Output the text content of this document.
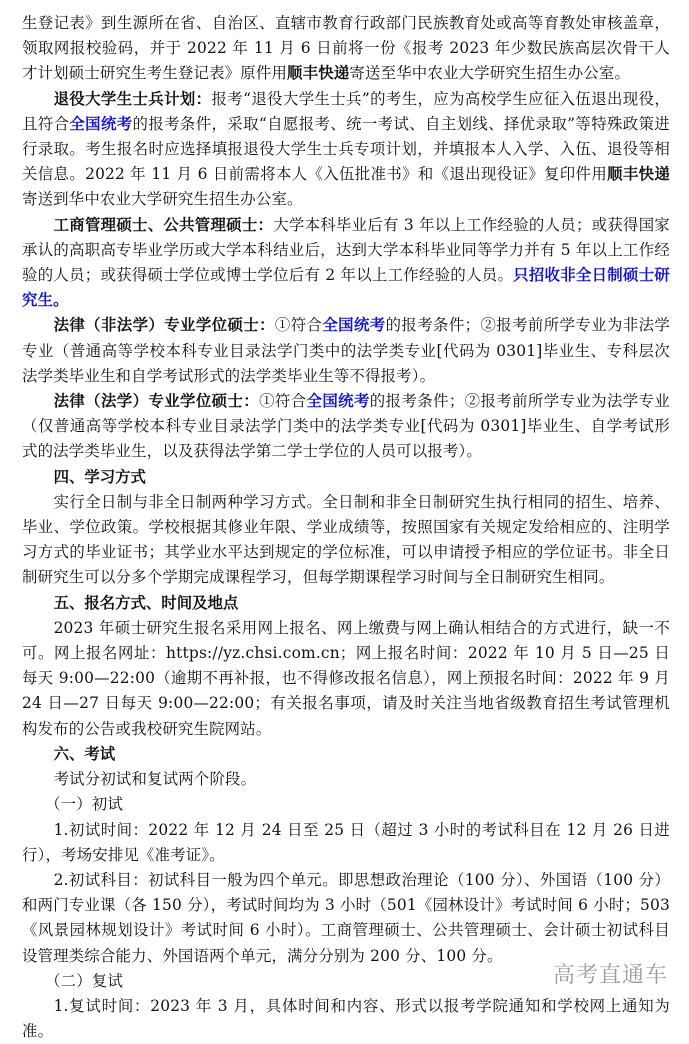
生登记表》到生源所在省、自治区、直辖市教育行政部门民族教育处或高等育教处审核盖章，领取网报校验码，并于 2022 年 11 月 6 日前将一份《报考 2023 年少数民族高层次骨干人才计划硕士研究生考生登记表》原件用顺丰快递寄送至华中农业大学研究生招生办公室。

退役大学生士兵计划：报考“退役大学生士兵”的考生，应为高校学生应征入伍退出现役，且符合全国统考的报考条件，采取“自愿报考、统一考试、自主划线、择优录取”等特殊政策进行录取。考生报名时应选择填报退役大学生士兵专项计划，并填报本人入学、入伍、退役等相关信息。2022 年 11 月 6 日前需将本人《入伍批准书》和《退出现役证》复印件用顺丰快递寄送到华中农业大学研究生招生办公室。

工商管理硕士、公共管理硕士：大学本科毕业后有 3 年以上工作经验的人员；或获得国家承认的高职高专毕业学历或大学本科结业后，达到大学本科毕业同等学力并有 5 年以上工作经验的人员；或获得硕士学位或博士学位后有 2 年以上工作经验的人员。只招收非全日制硕士研究生。

法律（非法学）专业学位硕士：①符合全国统考的报考条件；②报考前所学专业为非法学专业（普通高等学校本科专业目录法学门类中的法学类专业[代码为 0301]毕业生、专科层次法学类毕业生和自学考试形式的法学类毕业生等不得报考）。

法律（法学）专业学位硕士：①符合全国统考的报考条件；②报考前所学专业为法学专业（仅普通高等学校本科专业目录法学门类中的法学类专业[代码为 0301]毕业生、自学考试形式的法学类毕业生，以及获得法学第二学士学位的人员可以报考）。

四、学习方式

实行全日制与非全日制两种学习方式。全日制和非全日制研究生执行相同的招生、培养、毕业、学位政策。学校根据其修业年限、学业成绩等，按照国家有关规定发给相应的、注明学习方式的毕业证书；其学业水平达到规定的学位标准，可以申请授予相应的学位证书。非全日制研究生可以分多个学期完成课程学习，但每学期课程学习时间与全日制研究生相同。

五、报名方式、时间及地点

2023 年硕士研究生报名采用网上报名、网上缴费与网上确认相结合的方式进行，缺一不可。网上报名网址：https://yz.chsi.com.cn；网上报名时间：2022 年 10 月 5 日—25 日每天 9:00—22:00（逾期不再补报，也不得修改报名信息），网上预报名时间：2022 年 9 月 24 日—27 日每天 9:00—22:00；有关报名事项，请及时关注当地省级教育招生考试管理机构发布的公告或我校研究生院网站。

六、考试

考试分初试和复试两个阶段。

（一）初试

1.初试时间：2022 年 12 月 24 日至 25 日（超过 3 小时的考试科目在 12 月 26 日进行），考场安排见《准考证》。

2.初试科目：初试科目一般为四个单元。即思想政治理论（100 分）、外国语（100 分）和两门专业课（各 150 分），考试时间均为 3 小时（501《园林设计》考试时间 6 小时；503《风景园林规划设计》考试时间 6 小时）。工商管理硕士、公共管理硕士、会计硕士初试科目设管理类综合能力、外国语两个单元，满分分别为 200 分、100 分。

（二）复试

1.复试时间：2023 年 3 月，具体时间和内容、形式以报考学院通知和学校网上通知为准。

高考直通车
